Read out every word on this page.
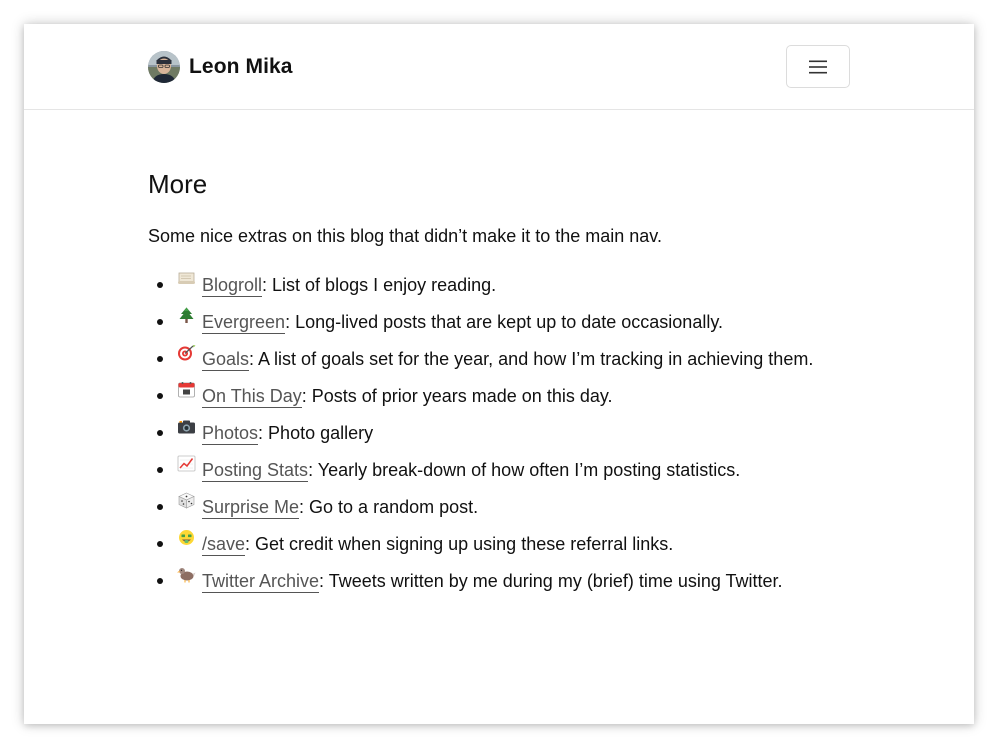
Leon Mika
More

Some nice extras on this blog that didn’t make it to the main nav.

Blogroll: List of blogs I enjoy reading.
Evergreen: Long-lived posts that are kept up to date occasionally.
Goals: A list of goals set for the year, and how I’m tracking in achieving them.
On This Day: Posts of prior years made on this day.
Photos: Photo gallery
Posting Stats: Yearly break-down of how often I’m posting statistics.
Surprise Me: Go to a random post.
/save: Get credit when signing up using these referral links.
Twitter Archive: Tweets written by me during my (brief) time using Twitter.
